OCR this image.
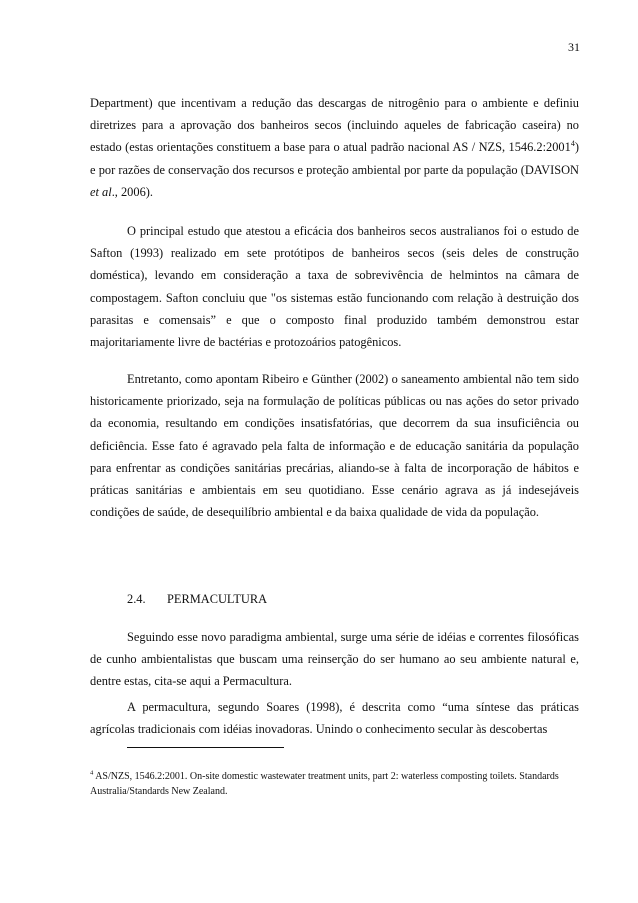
31

Department) que incentivam a redução das descargas de nitrogênio para o ambiente e definiu diretrizes para a aprovação dos banheiros secos (incluindo aqueles de fabricação caseira) no estado (estas orientações constituem a base para o atual padrão nacional AS / NZS, 1546.2:2001$^4$) e por razões de conservação dos recursos e proteção ambiental por parte da população (DAVISON et al., 2006).

O principal estudo que atestou a eficácia dos banheiros secos australianos foi o estudo de Safton (1993) realizado em sete protótipos de banheiros secos (seis deles de construção doméstica), levando em consideração a taxa de sobrevivência de helmintos na câmara de compostagem. Safton concluiu que "os sistemas estão funcionando com relação à destruição dos parasitas e comensais” e que o composto final produzido também demonstrou estar majoritariamente livre de bactérias e protozoários patogênicos.

Entretanto, como apontam Ribeiro e Günther (2002) o saneamento ambiental não tem sido historicamente priorizado, seja na formulação de políticas públicas ou nas ações do setor privado da economia, resultando em condições insatisfatórias, que decorrem da sua insuficiência ou deficiência. Esse fato é agravado pela falta de informação e de educação sanitária da população para enfrentar as condições sanitárias precárias, aliando-se à falta de incorporação de hábitos e práticas sanitárias e ambientais em seu quotidiano. Esse cenário agrava as já indesejáveis condições de saúde, de desequilíbrio ambiental e da baixa qualidade de vida da população.

2.4. PERMACULTURA

Seguindo esse novo paradigma ambiental, surge uma série de idéias e correntes filosóficas de cunho ambientalistas que buscam uma reinserção do ser humano ao seu ambiente natural e, dentre estas, cita-se aqui a Permacultura.

A permacultura, segundo Soares (1998), é descrita como “uma síntese das práticas agrícolas tradicionais com idéias inovadoras. Unindo o conhecimento secular às descobertas

$^4$ AS/NZS, 1546.2:2001. On-site domestic wastewater treatment units, part 2: waterless composting toilets. Standards Australia/Standards New Zealand.
